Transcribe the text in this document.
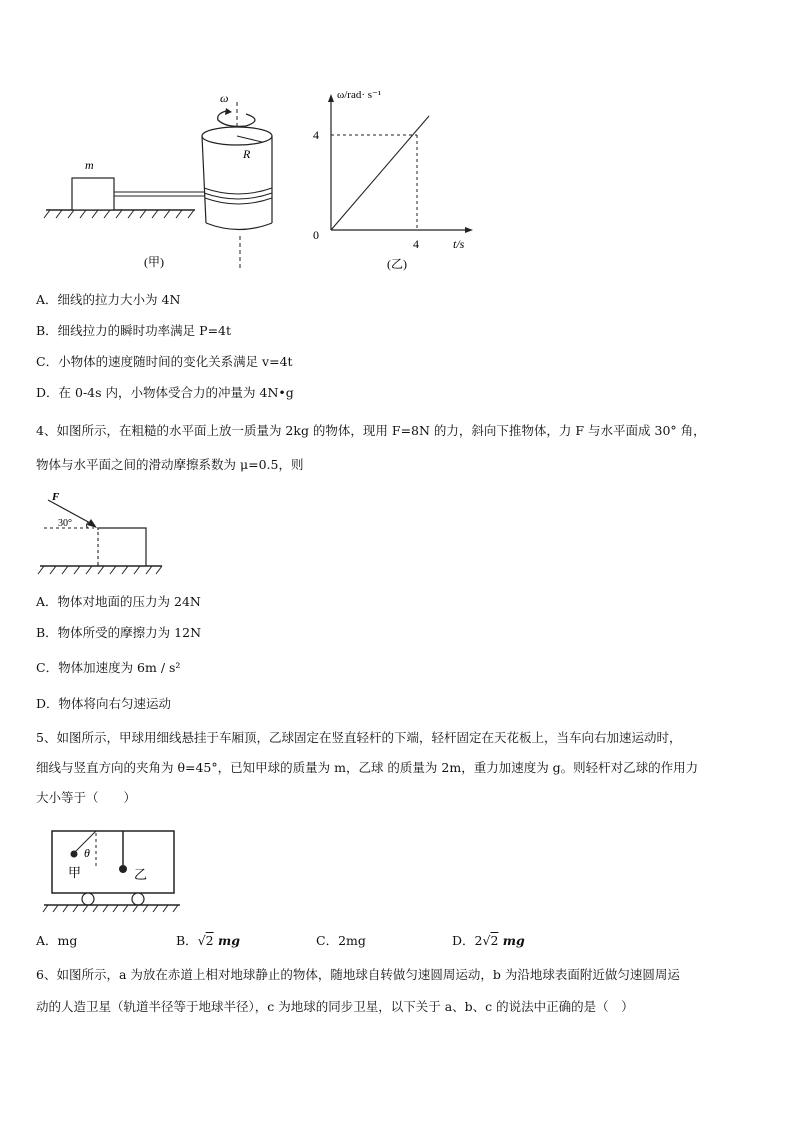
m
R
ω
(甲)
ω/rad· s⁻¹
4
0
4	t/s
(乙)
A．细线的拉力大小为 4N
B．细线拉力的瞬时功率满足 P=4t
C．小物体的速度随时间的变化关系满足 v=4t
D．在 0-4s 内，小物体受合力的冲量为 4N•g
4、如图所示，在粗糙的水平面上放一质量为 2kg 的物体，现用 F=8N 的力，斜向下推物体，力 F 与水平面成 30° 角，
物体与水平面之间的滑动摩擦系数为 μ=0.5，则
F
30°
A．物体对地面的压力为 24N
B．物体所受的摩擦力为 12N
C．物体加速度为 6m / s²
D．物体将向右匀速运动
5、如图所示，甲球用细线悬挂于车厢顶，乙球固定在竖直轻杆的下端，轻杆固定在天花板上，当车向右加速运动时，
细线与竖直方向的夹角为 θ=45°，已知甲球的质量为 m，乙球 的质量为 2m，重力加速度为 g。则轻杆对乙球的作用力
大小等于（　　）
θ
甲	乙
A．mg	B．√2 mg	C．2mg	D．2√2 mg
6、如图所示，a 为放在赤道上相对地球静止的物体，随地球自转做匀速圆周运动，b 为沿地球表面附近做匀速圆周运
动的人造卫星（轨道半径等于地球半径），c 为地球的同步卫星，以下关于 a、b、c 的说法中正确的是（　）
